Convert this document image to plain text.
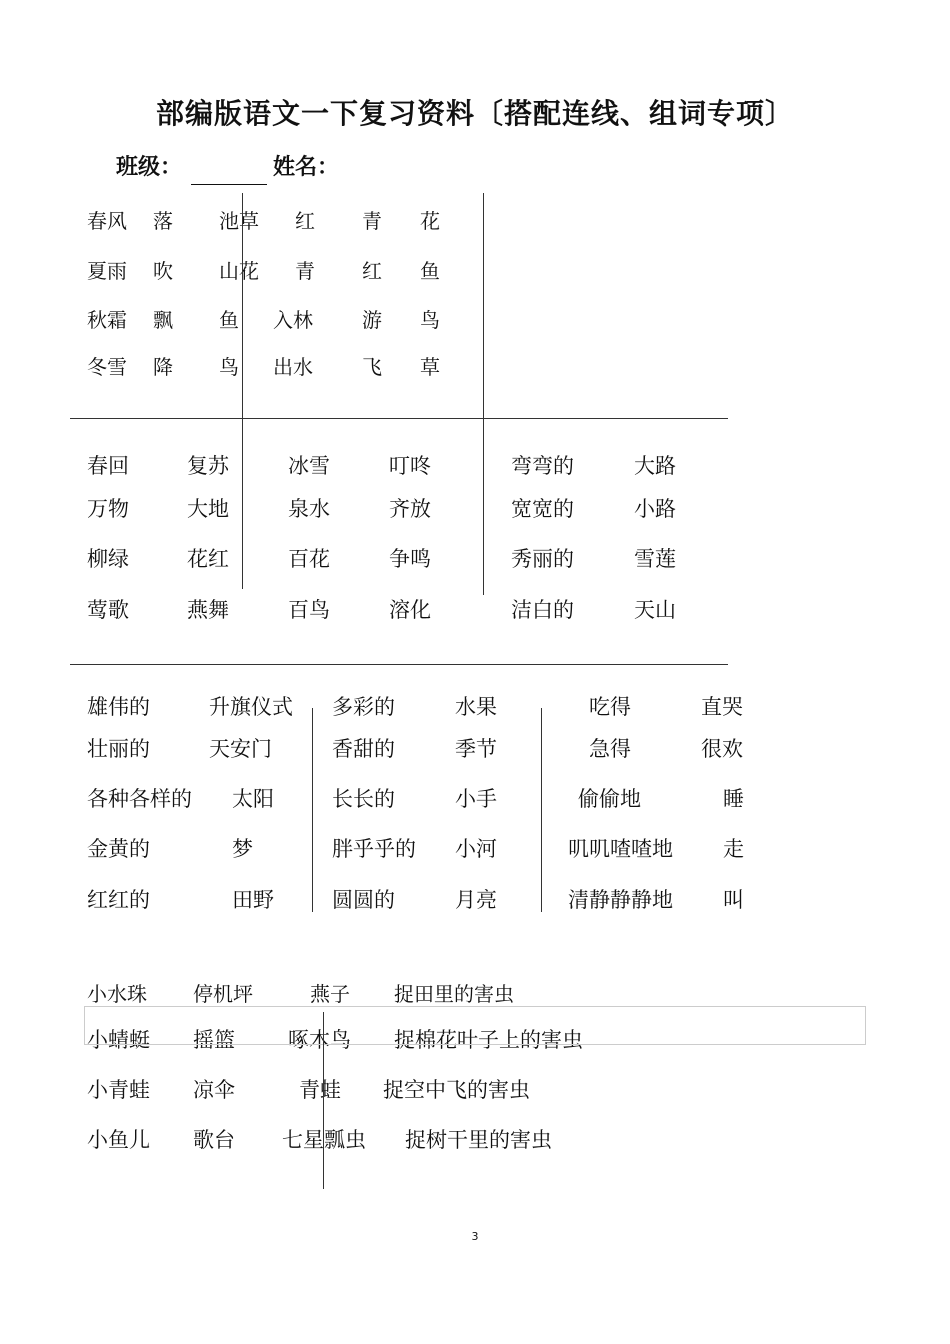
部编版语文一下复习资料〔搭配连线、组词专项〕
班级：	姓名：
春风 落 池草 红 青 花
夏雨 吹 山花 青 红 鱼
秋霜 飘 鱼 入林 游 鸟
冬雪 降 鸟 出水 飞 草
春回	复苏	冰雪	叮咚	弯弯的	大路
万物	大地	泉水	齐放	宽宽的	小路
柳绿	花红	百花	争鸣	秀丽的	雪莲
莺歌	燕舞	百鸟	溶化	洁白的	天山
雄伟的	升旗仪式 多彩的	水果	吃得	直哭
壮丽的	天安门	香甜的	季节	急得	很欢
各种各样的 太阳	长长的	小手	偷偷地	睡
金黄的	梦	胖乎乎的 小河	叽叽喳喳地 走
红红的	田野	圆圆的	月亮	清静静静地 叫
小水珠 停机坪	燕子 捉田里的害虫
小蜻蜓 摇篮	啄木鸟 捉棉花叶子上的害虫
小青蛙 凉伞	青蛙 捉空中飞的害虫
小鱼儿 歌台 七星瓢虫 捉树干里的害虫
3
